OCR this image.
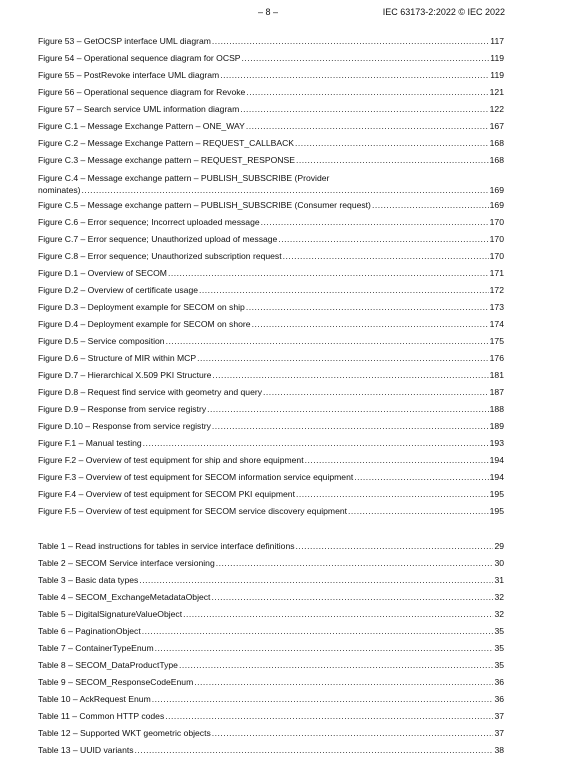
– 8 –	IEC 63173-2:2022 © IEC 2022
Figure 53 – GetOCSP interface UML diagram .....	117
Figure 54 – Operational sequence diagram for OCSP .....	119
Figure 55 – PostRevoke interface UML diagram .....	119
Figure 56 – Operational sequence diagram for Revoke .....	121
Figure 57 – Search service UML information diagram .....	122
Figure C.1 – Message Exchange Pattern – ONE_WAY .....	167
Figure C.2 – Message Exchange Pattern – REQUEST_CALLBACK .....	168
Figure C.3 – Message exchange pattern – REQUEST_RESPONSE .....	168
Figure C.4 – Message exchange pattern – PUBLISH_SUBSCRIBE (Provider
nominates) .....	169
Figure C.5 – Message exchange pattern – PUBLISH_SUBSCRIBE (Consumer request) .....	169
Figure C.6 – Error sequence; Incorrect uploaded message .....	170
Figure C.7 – Error sequence; Unauthorized upload of message .....	170
Figure C.8 – Error sequence; Unauthorized subscription request .....	170
Figure D.1 – Overview of SECOM .....	171
Figure D.2 – Overview of certificate usage .....	172
Figure D.3 – Deployment example for SECOM on ship .....	173
Figure D.4 – Deployment example for SECOM on shore .....	174
Figure D.5 – Service composition .....	175
Figure D.6 – Structure of MIR within MCP .....	176
Figure D.7 – Hierarchical X.509 PKI Structure .....	181
Figure D.8 – Request find service with geometry and query .....	187
Figure D.9 – Response from service registry .....	188
Figure D.10 – Response from service registry .....	189
Figure F.1 – Manual testing .....	193
Figure F.2 – Overview of test equipment for ship and shore equipment .....	194
Figure F.3 – Overview of test equipment for SECOM information service equipment .....	194
Figure F.4 – Overview of test equipment for SECOM PKI equipment .....	195
Figure F.5 – Overview of test equipment for SECOM service discovery equipment .....	195
Table 1 – Read instructions for tables in service interface definitions .....	29
Table 2 – SECOM Service interface versioning .....	30
Table 3 – Basic data types .....	31
Table 4 – SECOM_ExchangeMetadataObject .....	32
Table 5 – DigitalSignatureValueObject .....	32
Table 6 – PaginationObject .....	35
Table 7 – ContainerTypeEnum .....	35
Table 8 – SECOM_DataProductType .....	35
Table 9 – SECOM_ResponseCodeEnum .....	36
Table 10 – AckRequest Enum .....	36
Table 11 – Common HTTP codes .....	37
Table 12 – Supported WKT geometric objects .....	37
Table 13 – UUID variants .....	38
